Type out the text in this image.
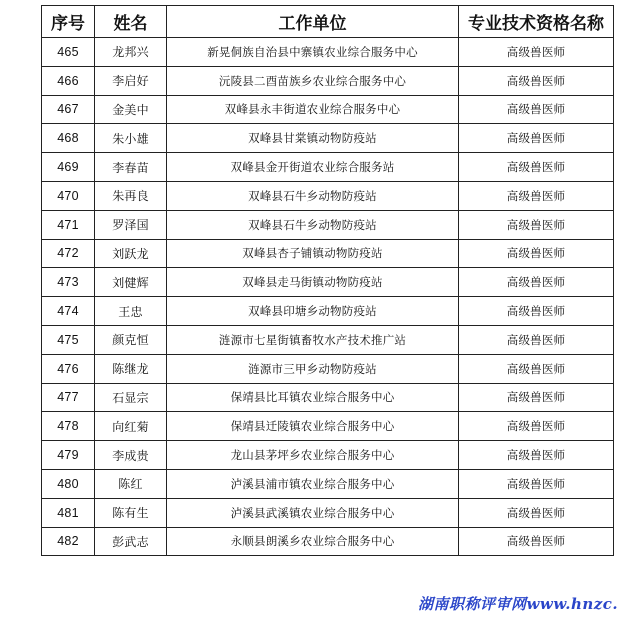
序号	姓名	工作单位	专业技术资格名称
465	龙邦兴	新晃侗族自治县中寨镇农业综合服务中心	高级兽医师
466	李启好	沅陵县二酉苗族乡农业综合服务中心	高级兽医师
467	金美中	双峰县永丰街道农业综合服务中心	高级兽医师
468	朱小雄	双峰县甘棠镇动物防疫站	高级兽医师
469	李春苗	双峰县金开街道农业综合服务站	高级兽医师
470	朱再良	双峰县石牛乡动物防疫站	高级兽医师
471	罗泽国	双峰县石牛乡动物防疫站	高级兽医师
472	刘跃龙	双峰县杏子铺镇动物防疫站	高级兽医师
473	刘健辉	双峰县走马街镇动物防疫站	高级兽医师
474	王忠	双峰县印塘乡动物防疫站	高级兽医师
475	颜克恒	涟源市七星街镇畜牧水产技术推广站	高级兽医师
476	陈继龙	涟源市三甲乡动物防疫站	高级兽医师
477	石显宗	保靖县比耳镇农业综合服务中心	高级兽医师
478	向红菊	保靖县迁陵镇农业综合服务中心	高级兽医师
479	李成贵	龙山县茅坪乡农业综合服务中心	高级兽医师
480	陈红	泸溪县浦市镇农业综合服务中心	高级兽医师
481	陈有生	泸溪县武溪镇农业综合服务中心	高级兽医师
482	彭武志	永顺县朗溪乡农业综合服务中心	高级兽医师
湖南职称评审网www.hnzc.
